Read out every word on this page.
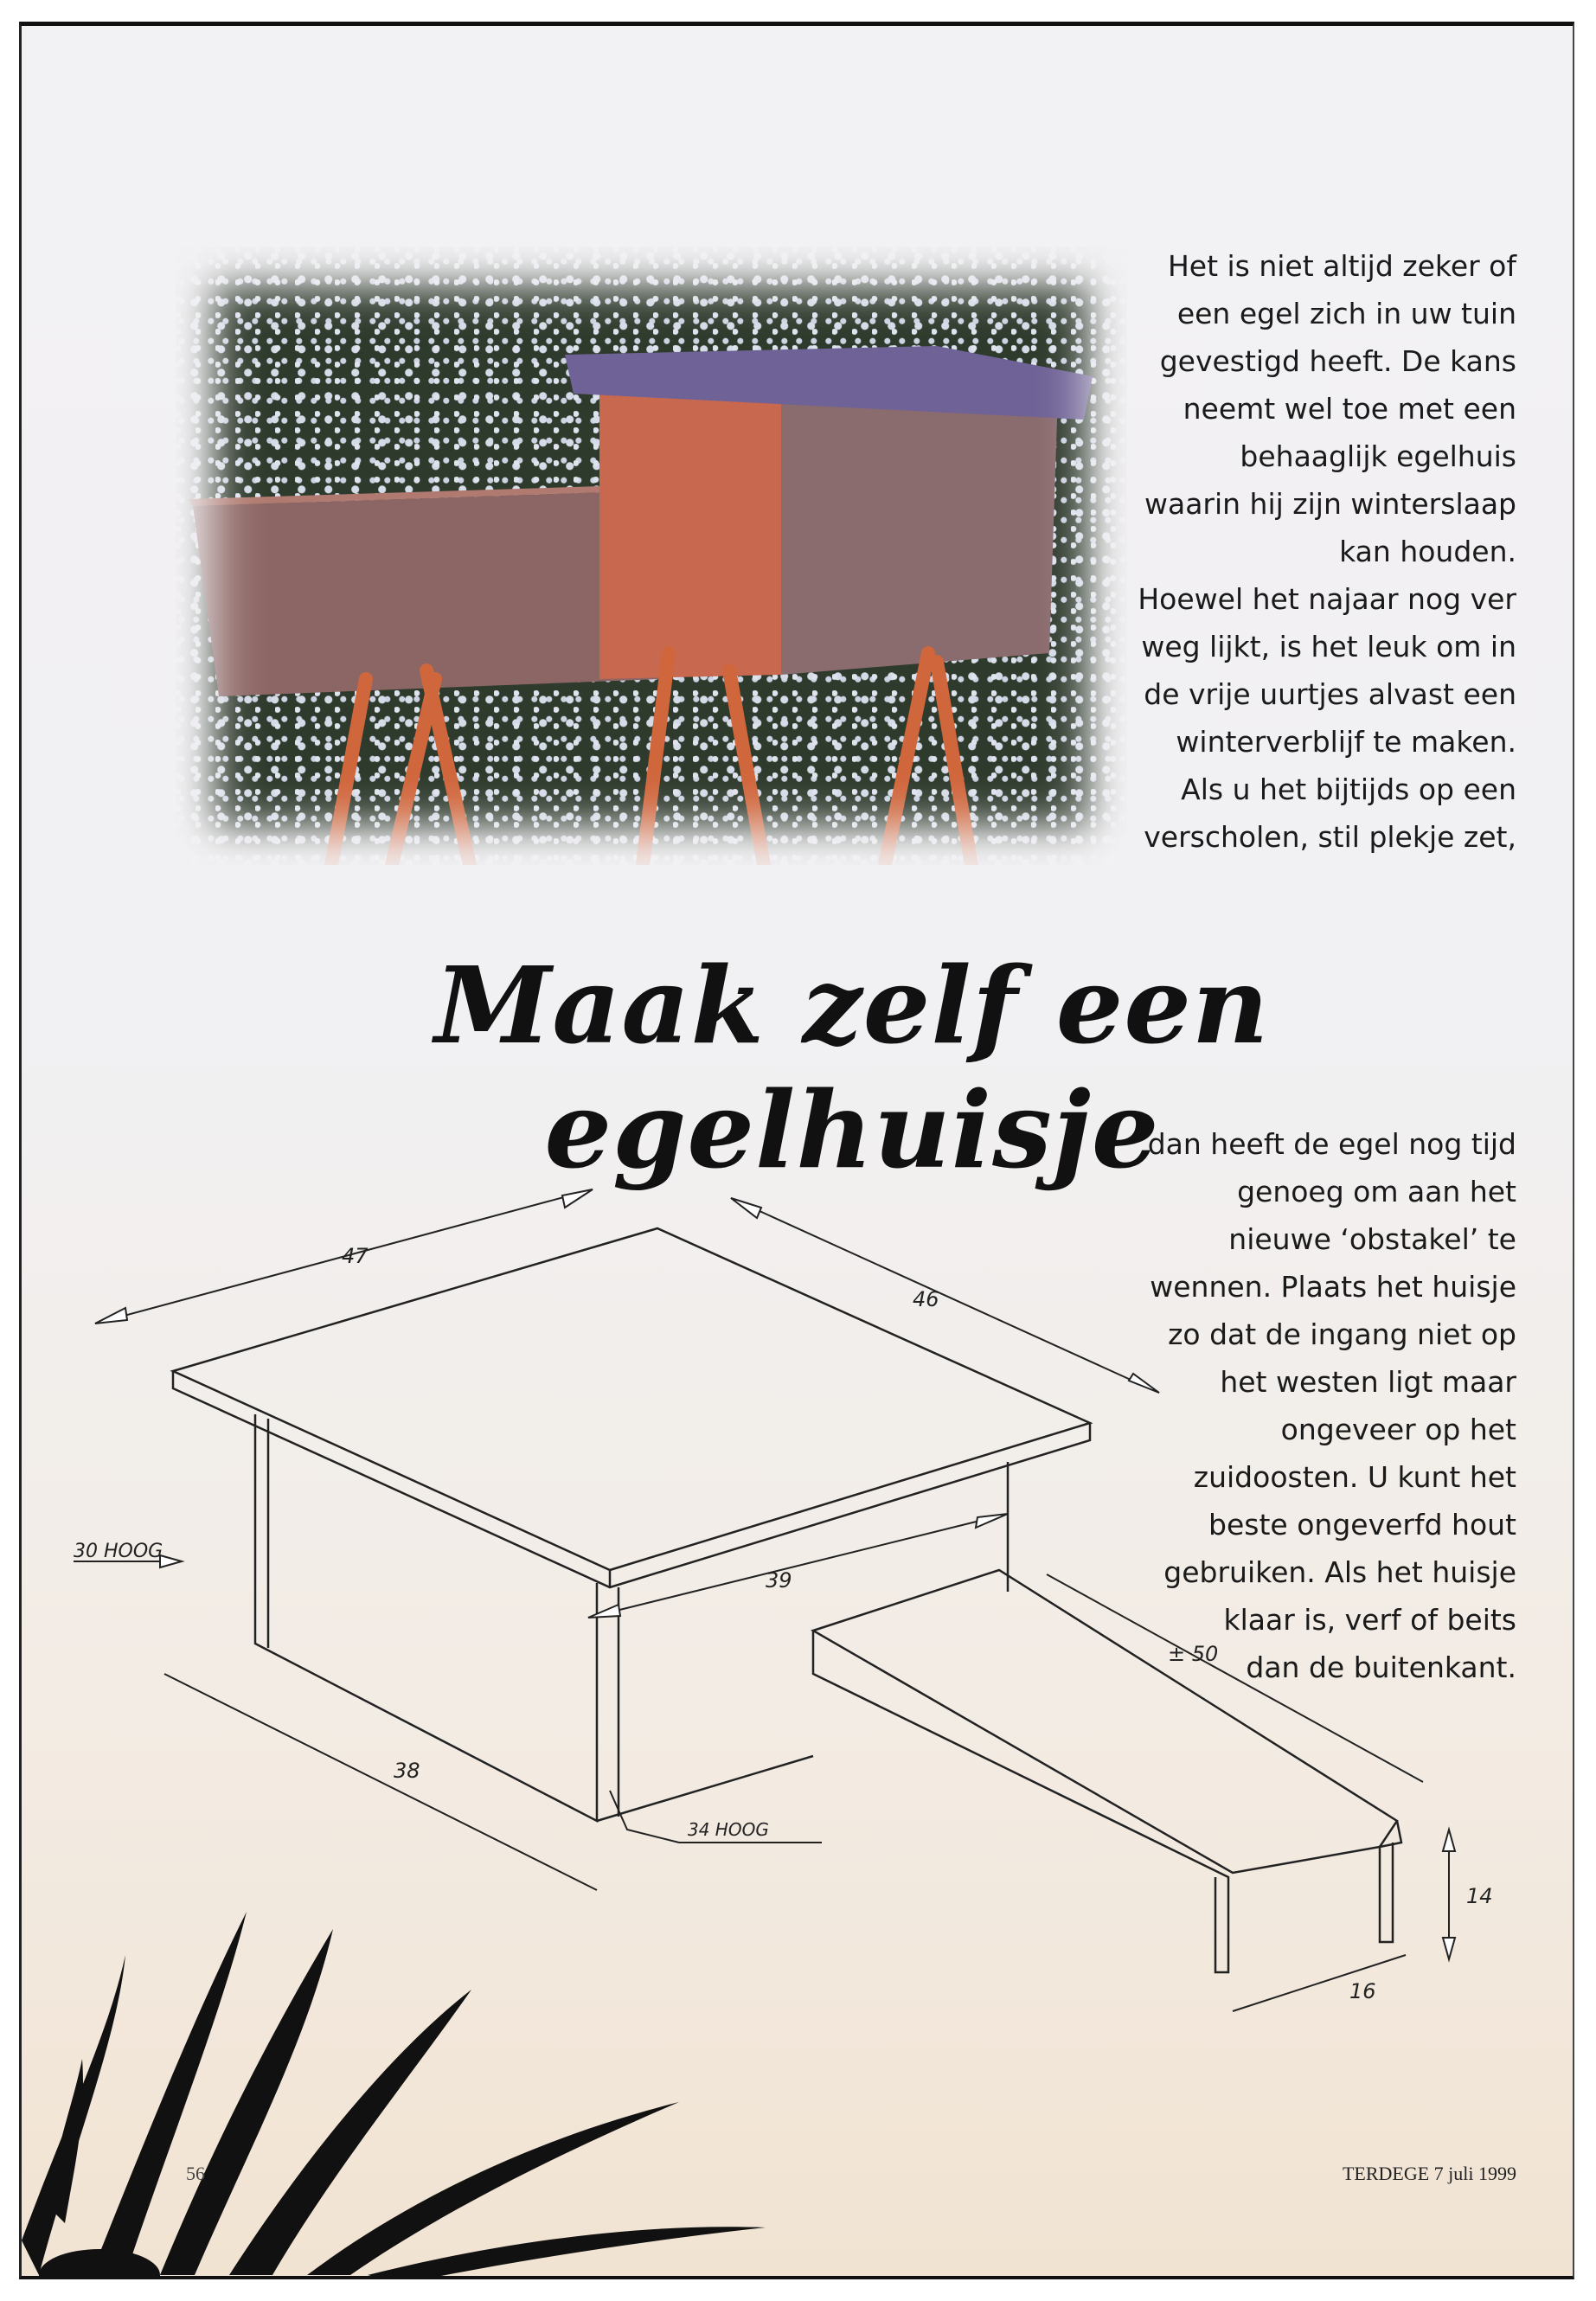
Het is niet altijd zeker of
een egel zich in uw tuin
gevestigd heeft. De kans
neemt wel toe met een
behaaglijk egelhuis
waarin hij zijn winterslaap
kan houden.
Hoewel het najaar nog ver
weg lijkt, is het leuk om in
de vrije uurtjes alvast een
winterverblijf te maken.
Als u het bijtijds op een
verscholen, stil plekje zet,
Maak zelf een egelhuisje
dan heeft de egel nog tijd
genoeg om aan het
nieuwe ‘obstakel’ te
wennen. Plaats het huisje
zo dat de ingang niet op
het westen ligt maar
ongeveer op het
zuidoosten. U kunt het
beste ongeverfd hout
gebruiken. Als het huisje
klaar is, verf of beits
dan de buitenkant.
47
46
30 HOOG
39
38
34 HOOG
± 50
14
16
56	TERDEGE 7 juli 1999
